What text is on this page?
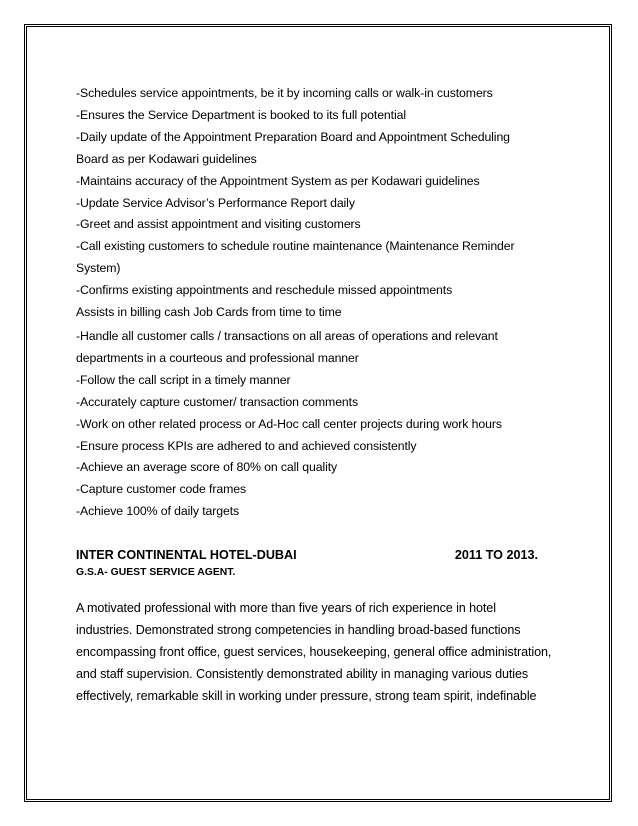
-Schedules service appointments, be it by incoming calls or walk-in customers
-Ensures the Service Department is booked to its full potential
-Daily update of the Appointment Preparation Board and Appointment Scheduling
Board as per Kodawari guidelines
-Maintains accuracy of the Appointment System as per Kodawari guidelines
-Update Service Advisor’s Performance Report daily
-Greet and assist appointment and visiting customers
-Call existing customers to schedule routine maintenance (Maintenance Reminder
System)
-Confirms existing appointments and reschedule missed appointments
Assists in billing cash Job Cards from time to time
-Handle all customer calls / transactions on all areas of operations and relevant
departments in a courteous and professional manner
-Follow the call script in a timely manner
-Accurately capture customer/ transaction comments
-Work on other related process or Ad-Hoc call center projects during work hours
-Ensure process KPIs are adhered to and achieved consistently
-Achieve an average score of 80% on call quality
-Capture customer code frames
-Achieve 100% of daily targets
INTER CONTINENTAL HOTEL-DUBAI	2011 TO 2013.
G.S.A- GUEST SERVICE AGENT.
A motivated professional with more than five years of rich experience in hotel
industries. Demonstrated strong competencies in handling broad-based functions
encompassing front office, guest services, housekeeping, general office administration,
and staff supervision. Consistently demonstrated ability in managing various duties
effectively, remarkable skill in working under pressure, strong team spirit, indefinable
